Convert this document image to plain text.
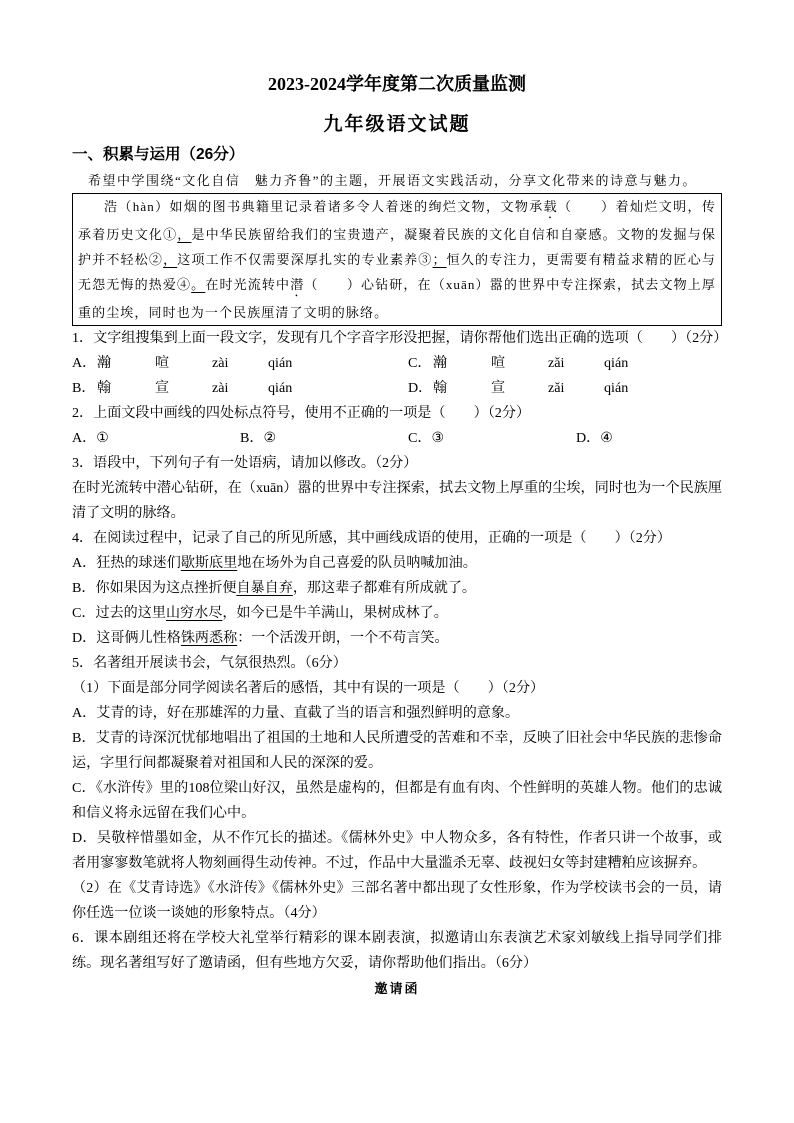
2023-2024学年度第二次质量监测
九年级语文试题
一、积累与运用（26分）

希望中学围绕“文化自信　魅力齐鲁”的主题，开展语文实践活动，分享文化带来的诗意与魅力。

浩（hàn）如烟的图书典籍里记录着诸多令人着迷的绚烂文物，文物承载（　　）着灿烂文明，传承着历史文化①，是中华民族留给我们的宝贵遗产，凝聚着民族的文化自信和自豪感。文物的发掘与保护并不轻松②，这项工作不仅需要深厚扎实的专业素养③；恒久的专注力，更需要有精益求精的匠心与无怨无悔的热爱④。在时光流转中潜（　　）心钻研，在（xuān）嚣的世界中专注探索，拭去文物上厚重的尘埃，同时也为一个民族厘清了文明的脉络。

1．文字组搜集到上面一段文字，发现有几个字音字形没把握，请你帮他们选出正确的选项（　　）（2分）

A． 瀚	喧	zài	qián	C． 瀚	喧	zǎi	qián
B． 翰	宣	zài	qián	D． 翰	宣	zǎi	qián

2．上面文段中画线的四处标点符号，使用不正确的一项是（　　）（2分）

A． ①	B． ②	C． ③	D． ④

3．语段中，下列句子有一处语病，请加以修改。（2分）

在时光流转中潜心钻研，在（xuān）嚣的世界中专注探索，拭去文物上厚重的尘埃，同时也为一个民族厘清了文明的脉络。

4．在阅读过程中，记录了自己的所见所感，其中画线成语的使用，正确的一项是（　　）（2分）

A．狂热的球迷们歇斯底里地在场外为自己喜爱的队员呐喊加油。

B．你如果因为这点挫折便自暴自弃，那这辈子都难有所成就了。

C．过去的这里山穷水尽，如今已是牛羊满山，果树成林了。

D．这哥俩儿性格铢两悉称：一个活泼开朗，一个不苟言笑。

5．名著组开展读书会，气氛很热烈。（6分）

（1）下面是部分同学阅读名著后的感悟，其中有误的一项是（　　）（2分）

A．艾青的诗，好在那雄浑的力量、直截了当的语言和强烈鲜明的意象。

B．艾青的诗深沉忧郁地唱出了祖国的土地和人民所遭受的苦难和不幸，反映了旧社会中华民族的悲惨命运，字里行间都凝聚着对祖国和人民的深深的爱。

C．《水浒传》里的108位梁山好汉，虽然是虚构的，但都是有血有肉、个性鲜明的英雄人物。他们的忠诚和信义将永远留在我们心中。

D．吴敬梓惜墨如金，从不作冗长的描述。《儒林外史》中人物众多，各有特性，作者只讲一个故事，或者用寥寥数笔就将人物刻画得生动传神。不过，作品中大量滥杀无辜、歧视妇女等封建糟粕应该摒弃。

（2）在《艾青诗选》《水浒传》《儒林外史》三部名著中都出现了女性形象，作为学校读书会的一员，请你任选一位谈一谈她的形象特点。（4分）

6．课本剧组还将在学校大礼堂举行精彩的课本剧表演，拟邀请山东表演艺术家刘敏线上指导同学们排练。现名著组写好了邀请函，但有些地方欠妥，请你帮助他们指出。（6分）

邀请函
